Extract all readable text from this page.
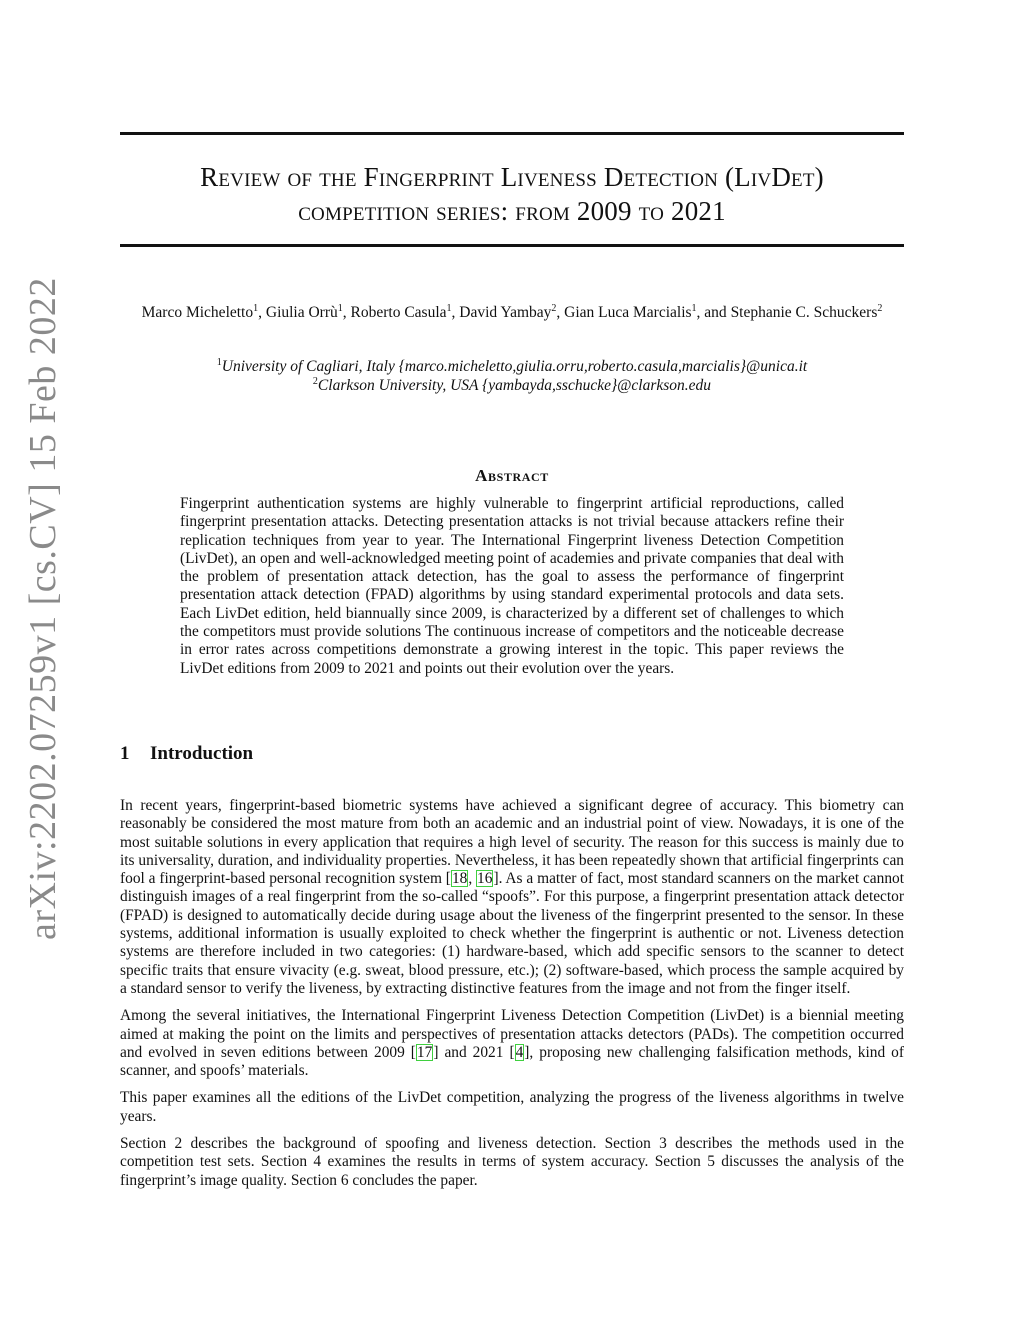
arXiv:2202.07259v1 [cs.CV] 15 Feb 2022
Review of the Fingerprint Liveness Detection (LivDet)
competition series: from 2009 to 2021
Marco Micheletto$^1$, Giulia Orrù$^1$, Roberto Casula$^1$, David Yambay$^2$, Gian Luca Marcialis$^1$, and Stephanie C. Schuckers$^2$
$^1$University of Cagliari, Italy {marco.micheletto,giulia.orru,roberto.casula,marcialis}@unica.it
$^2$Clarkson University, USA {yambayda,sschucke}@clarkson.edu
Abstract
Fingerprint authentication systems are highly vulnerable to fingerprint artificial reproductions, called fingerprint presentation attacks. Detecting presentation attacks is not trivial because attackers refine their replication techniques from year to year. The International Fingerprint liveness Detection Competition (LivDet), an open and well-acknowledged meeting point of academies and private companies that deal with the problem of presentation attack detection, has the goal to assess the performance of fingerprint presentation attack detection (FPAD) algorithms by using standard experimental protocols and data sets. Each LivDet edition, held biannually since 2009, is characterized by a different set of challenges to which the competitors must provide solutions The continuous increase of competitors and the noticeable decrease in error rates across competitions demonstrate a growing interest in the topic. This paper reviews the LivDet editions from 2009 to 2021 and points out their evolution over the years.
1 Introduction

In recent years, fingerprint-based biometric systems have achieved a significant degree of accuracy. This biometry can reasonably be considered the most mature from both an academic and an industrial point of view. Nowadays, it is one of the most suitable solutions in every application that requires a high level of security. The reason for this success is mainly due to its universality, duration, and individuality properties. Nevertheless, it has been repeatedly shown that artificial fingerprints can fool a fingerprint-based personal recognition system [18, 16]. As a matter of fact, most standard scanners on the market cannot distinguish images of a real fingerprint from the so-called “spoofs”. For this purpose, a fingerprint presentation attack detector (FPAD) is designed to automatically decide during usage about the liveness of the fingerprint presented to the sensor. In these systems, additional information is usually exploited to check whether the fingerprint is authentic or not. Liveness detection systems are therefore included in two categories: (1) hardware-based, which add specific sensors to the scanner to detect specific traits that ensure vivacity (e.g. sweat, blood pressure, etc.); (2) software-based, which process the sample acquired by a standard sensor to verify the liveness, by extracting distinctive features from the image and not from the finger itself.

Among the several initiatives, the International Fingerprint Liveness Detection Competition (LivDet) is a biennial meeting aimed at making the point on the limits and perspectives of presentation attacks detectors (PADs). The competition occurred and evolved in seven editions between 2009 [17] and 2021 [4], proposing new challenging falsification methods, kind of scanner, and spoofs’ materials.

This paper examines all the editions of the LivDet competition, analyzing the progress of the liveness algorithms in twelve years.

Section 2 describes the background of spoofing and liveness detection. Section 3 describes the methods used in the competition test sets. Section 4 examines the results in terms of system accuracy. Section 5 discusses the analysis of the fingerprint’s image quality. Section 6 concludes the paper.
